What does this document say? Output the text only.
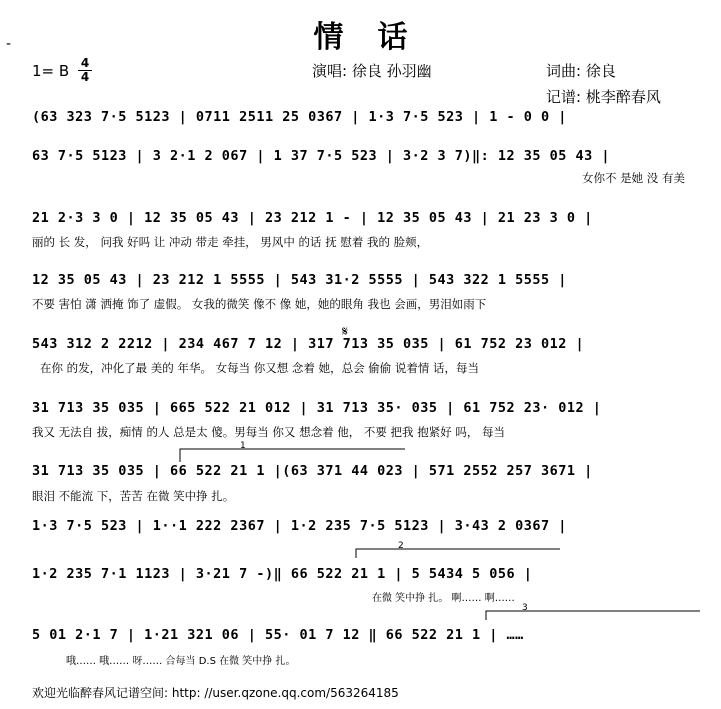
情话
-
1= B 4
4	演唱: 徐良 孙羽幽	词曲: 徐良
记谱: 桃李醉春风
(63 323 7·5 5123 | 0711 2511 25 0367 | 1·3 7·5 523 | 1 - 0 0 |
63 7·5 5123 | 3 2·1 2 067 | 1 37 7·5 523 | 3·2 3 7)‖: 12 35 05 43 |
女你不 是她 没 有美
21 2·3 3 0 | 12 35 05 43 | 23 212 1 - | 12 35 05 43 | 21 23 3 0 |
丽的 长 发， 问我 好吗 让 冲动 带走 牵挂， 男风中 的话 抚 慰着 我的 脸颊，
12 35 05 43 | 23 212 1 5555 | 543 31·2 5555 | 543 322 1 5555 |
不要 害怕 潇 洒掩 饰了 虚假。 女我的微笑 像不 像 她，她的眼角 我也 会画，男泪如雨下
543 312 2 2212 | 234 467 7 12 | 317 713 35 035 | 61 752 23 012 |
在你 的发，冲化了最 美的 年华。 女每当 你又想 念着 她，总会 偷偷 说着情 话，每当
31 713 35 035 | 665 522 21 012 | 31 713 35· 035 | 61 752 23· 012 |
我又 无法自 拔，痴情 的人 总是太 傻。男每当 你又 想念着 他， 不要 把我 抱紧好 吗， 每当
31 713 35 035 | 66 522 21 1 |(63 371 44 023 | 571 2552 257 3671 |
眼泪 不能流 下，苦苦 在微 笑中挣 扎。
1·3 7·5 523 | 1··1 222 2367 | 1·2 235 7·5 5123 | 3·43 2 0367 |
1·2 235 7·1 1123 | 3·21 7 -)‖ 66 522 21 1 | 5 5434 5 056 |
在微 笑中挣 扎。 啊…… 啊……
5 01 2·1 7 | 1·21 321 06 | 55· 01 7 12 ‖ 66 522 21 1 | ……
哦…… 哦…… 呀…… 合每当 D.S 在微 笑中挣 扎。
𝄋
1
2
3
欢迎光临醉春风记谱空间: http: //user.qzone.qq.com/563264185
